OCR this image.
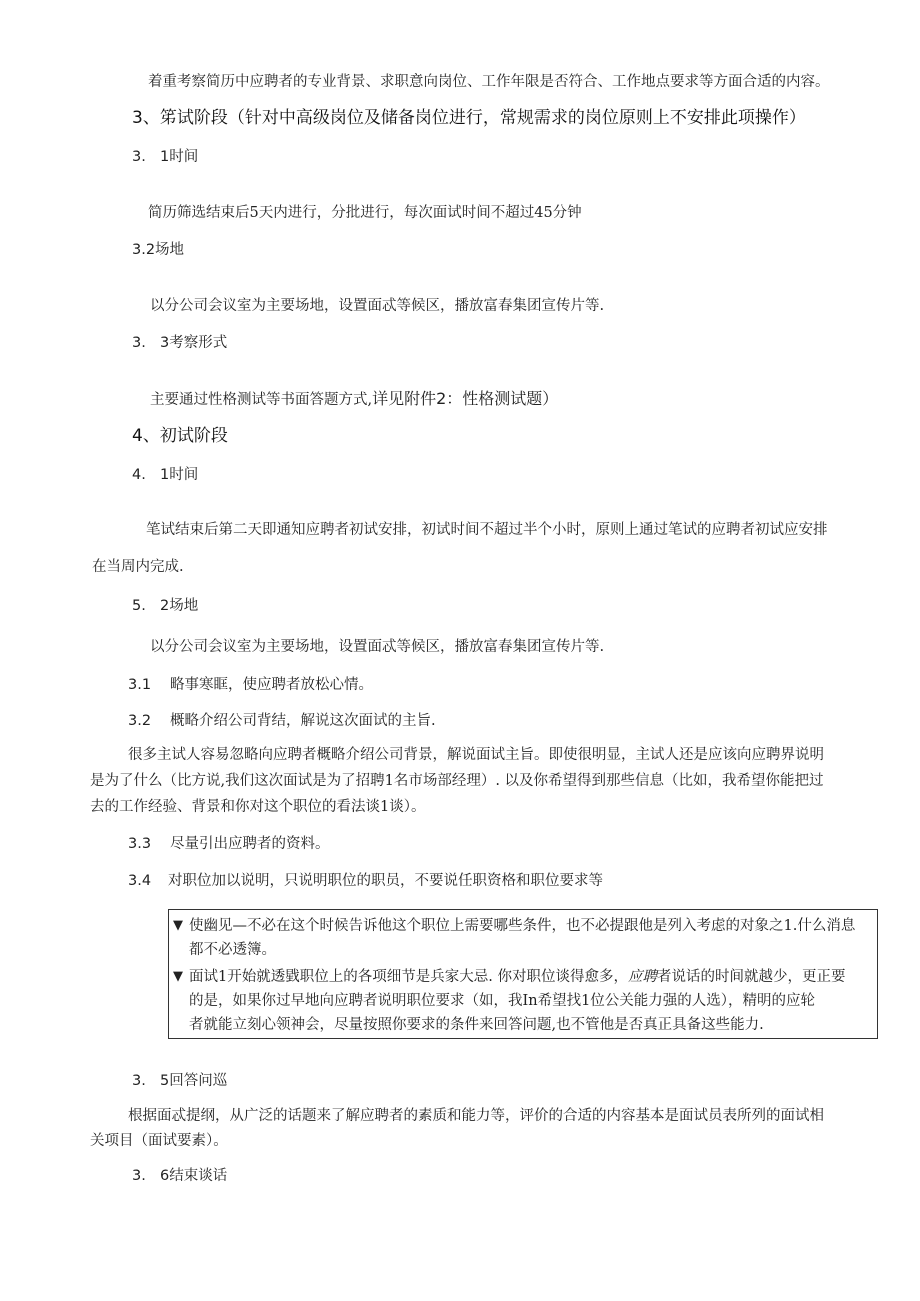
着重考察简历中应聘者的专业背景、求职意向岗位、工作年限是否符合、工作地点要求等方面合适的内容。
3、笫试阶段（针对中高级岗位及储备岗位进行，常规需求的岗位原则上不安排此项操作）
3. 1时间
简历筛选结束后5天内进行，分批进行，每次面试时间不超过45分钟
3.2场地
以分公司会议室为主要场地，设置面忒等候区，播放富春集团宣传片等.
3. 3考察形式
主要通过性格测试等书面答题方式,详见附件2：性格测试题）
4、初试阶段
4. 1时间
笔试结束后第二天即通知应聘者初试安排，初试时间不超过半个小时，原则上通过笔试的应聘者初试应安排
在当周内完成.
5. 2场地
以分公司会议室为主要场地，设置面忒等候区，播放富春集团宣传片等.
3.1 略事寒眶，使应聘者放松心情。
3.2 概略介绍公司背结，解说这次面试的主旨.
很多主试人容易忽略向应聘者概略介绍公司背景，解说面试主旨。即使很明显，主试人还是应该向应聘界说明
是为了什么（比方说,我们这次面试是为了招聘1名市场部经理）. 以及你希望得到那些信息（比如，我希望你能把过
去的工作经验、背景和你对这个职位的看法谈1谈）。
3.3 尽量引出应聘者的资料。
3.4 对职位加以说明，只说明职位的职员，不要说任职资格和职位要求等

▼ 使幽见—不必在这个时候告诉他这个职位上需要哪些条件，也不必提跟他是列入考虑的对象之1.什么消息
都不必透簿。

▼ 面试1开始就透戥职位上的各项细节是兵家大忌. 你对职位谈得愈多，应聘者说话的时间就越少，更正要
的是，如果你过早地向应聘者说明职位要求（如，我In希望找1位公关能力强的人选），精明的应轮
者就能立刻心领神会，尽量按照你要求的条件来回答问题,也不管他是否真正具备这些能力.

3. 5回答问巡
根据面忒提纲，从广泛的话题来了解应聘者的素质和能力等，评价的合适的内容基本是面试员表所列的面试相
关项目（面试要素）。
3. 6结束谈话
